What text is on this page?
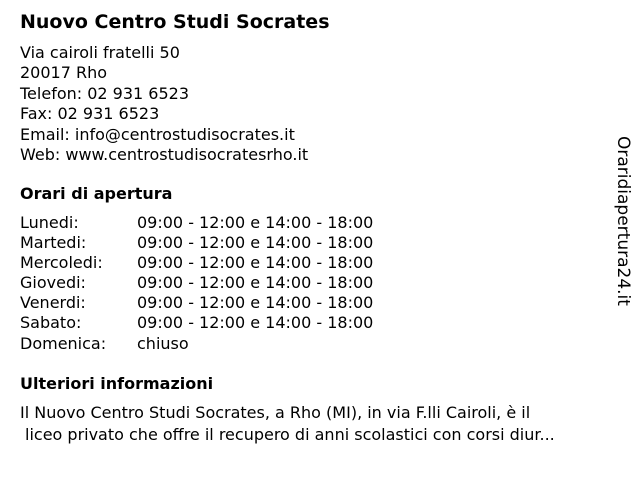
Nuovo Centro Studi Socrates
Via cairoli fratelli 50
20017 Rho
Telefon: 02 931 6523
Fax: 02 931 6523
Email: info@centrostudisocrates.it
Web: www.centrostudisocratesrho.it
Orari di apertura
Lunedi:	09:00 - 12:00 e 14:00 - 18:00
Martedi:	09:00 - 12:00 e 14:00 - 18:00
Mercoledi: 09:00 - 12:00 e 14:00 - 18:00
Giovedi:	09:00 - 12:00 e 14:00 - 18:00
Venerdi:	09:00 - 12:00 e 14:00 - 18:00
Sabato:	09:00 - 12:00 e 14:00 - 18:00
Domenica: chiuso
Ulteriori informazioni
Il Nuovo Centro Studi Socrates, a Rho (MI), in via F.lli Cairoli, è il
liceo privato che offre il recupero di anni scolastici con corsi diur...
Oraridiapertura24.it
